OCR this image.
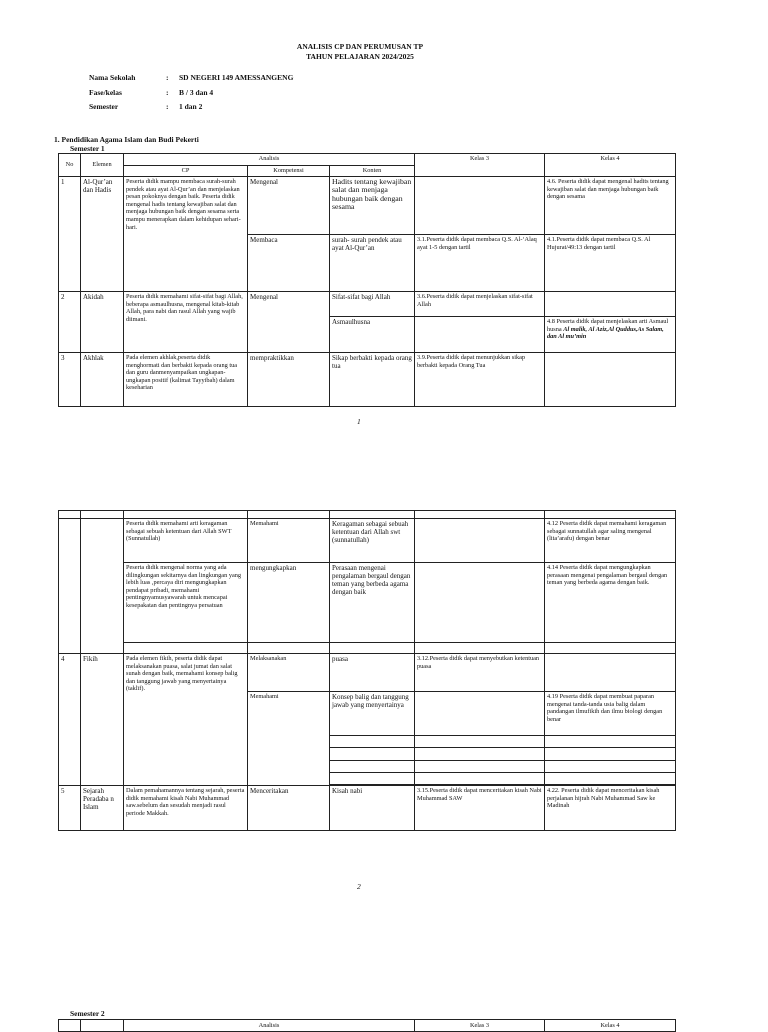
ANALISIS CP DAN PERUMUSAN TP
TAHUN PELAJARAN 2024/2025
Nama Sekolah	: SD NEGERI 149 AMESSANGENG
Fase/kelas	: B / 3 dan 4
Semester	: 1 dan 2
1. Pendidikan Agama Islam dan Budi Pekerti
Semester 1
No	Elemen	Analisis			Kelas 3	Kelas 4

		CP	Kompetensi	Konten		
1	Al-Qur’an dan Hadis	Peserta didik mampu membaca surah-surah pendek atau ayat Al-Qur’an dan menjelaskan pesan pokoknya dengan baik. Peserta didik mengenal hadis tentang kewajiban salat dan menjaga hubungan baik dengan sesama serta mampu menerapkan dalam kehidupan sehari-hari.	Mengenal	Hadits tentang kewajiban salat dan menjaga hubungan baik dengan sesama		4.6. Peserta didik dapat mengenal hadits tentang kewajiban salat dan menjaga hubungan baik dengan sesama
			Membaca	surah- surah pendek atau ayat Al-Qur’an	3.1.Peserta didik dapat membaca Q.S. Al-‘Alaq ayat 1-5 dengan tartil	4.1.Peserta didik dapat membaca Q.S. Al Hujurat/49:13 dengan tartil
2	Akidah	Peserta didik memahami sifat-sifat bagi Allah, beberapa asmaulhusna, mengenal kitab-kitab Allah, para nabi dan rasul Allah yang wajib diimani.	Mengenal	Sifat-sifat bagi Allah	3.6.Peserta didik dapat menjelaskan sifat-sifat Allah	
				Asmaulhusna		4.8 Peserta didik dapat menjelaskan arti Asmaul husna Al malik, Al Aziz,Al Quddus,As Salam, dan Al mu’min
3	Akhlak	Pada elemen akhlak,peserta didik menghormati dan berbakti kepada orang tua dan guru danmenyampaikan ungkapan-ungkapan positif (kalimat Tayyibah) dalam keseharian	mempraktikkan	Sikap berbakti kepada orang tua	3.9.Peserta didik dapat menunjukkan sikap berbakti kepada Orang Tua	
1

		Peserta didik memahami arti keragaman sebagai sebuah ketentuan dari Allah SWT (Sunnatullah)	Memahami	Keragaman sebagai sebuah ketentuan dari Allah swt (sunnatullah)		4.12 Peserta didik dapat memahami keragaman sebagai sunnatullah agar saling mengenal (lita’arafu) dengan benar
		Peserta didik mengenal norma yang ada dilingkungan sekitarnya dan lingkungan yang lebih luas ,percaya diri mengungkapkan pendapat pribadi, memahami pentingnyamusyawarah untuk mencapai kesepakatan dan pentingnya persatuan	mengungkapkan	Perasaan mengenai pengalaman bergaul dengan teman yang berbeda agama dengan baik		4.14 Peserta didik dapat mengungkapkan perasaan mengenai pengalaman bergaul dengan teman yang berbeda agama dengan baik.

4	Fikih	Pada elemen fikih, peserta didik dapat melaksanakan puasa, salat jumat dan salat sunah dengan baik, memahami konsep balig dan tanggung jawab yang menyertainya (taklīf).	Melaksanakan	puasa	3.12.Peserta didik dapat menyebutkan ketentuan puasa	
			Memahami	Konsep balig dan tanggung jawab yang menyertainya		4.19 Peserta didik dapat membuat paparan mengenai tanda-tanda usia balig dalam pandangan ilmufikih dan ilmu biologi dengan benar

5	Sejarah Peradaba n Islam	Dalam pemahamannya tentang sejarah, peserta didik memahami kisah Nabi Muhammad saw.sebelum dan sesudah menjadi rasul periode Makkah.	Menceritakan	Kisah nabi	3.15.Peserta didik dapat menceritakan kisah Nabi Muhammad SAW	4.22. Peserta didik dapat menceritakan kisah perjalanan hijrah Nabi Muhammad Saw ke Madinah
2
Semester 2
		Analisis	Kelas 3	Kelas 4
